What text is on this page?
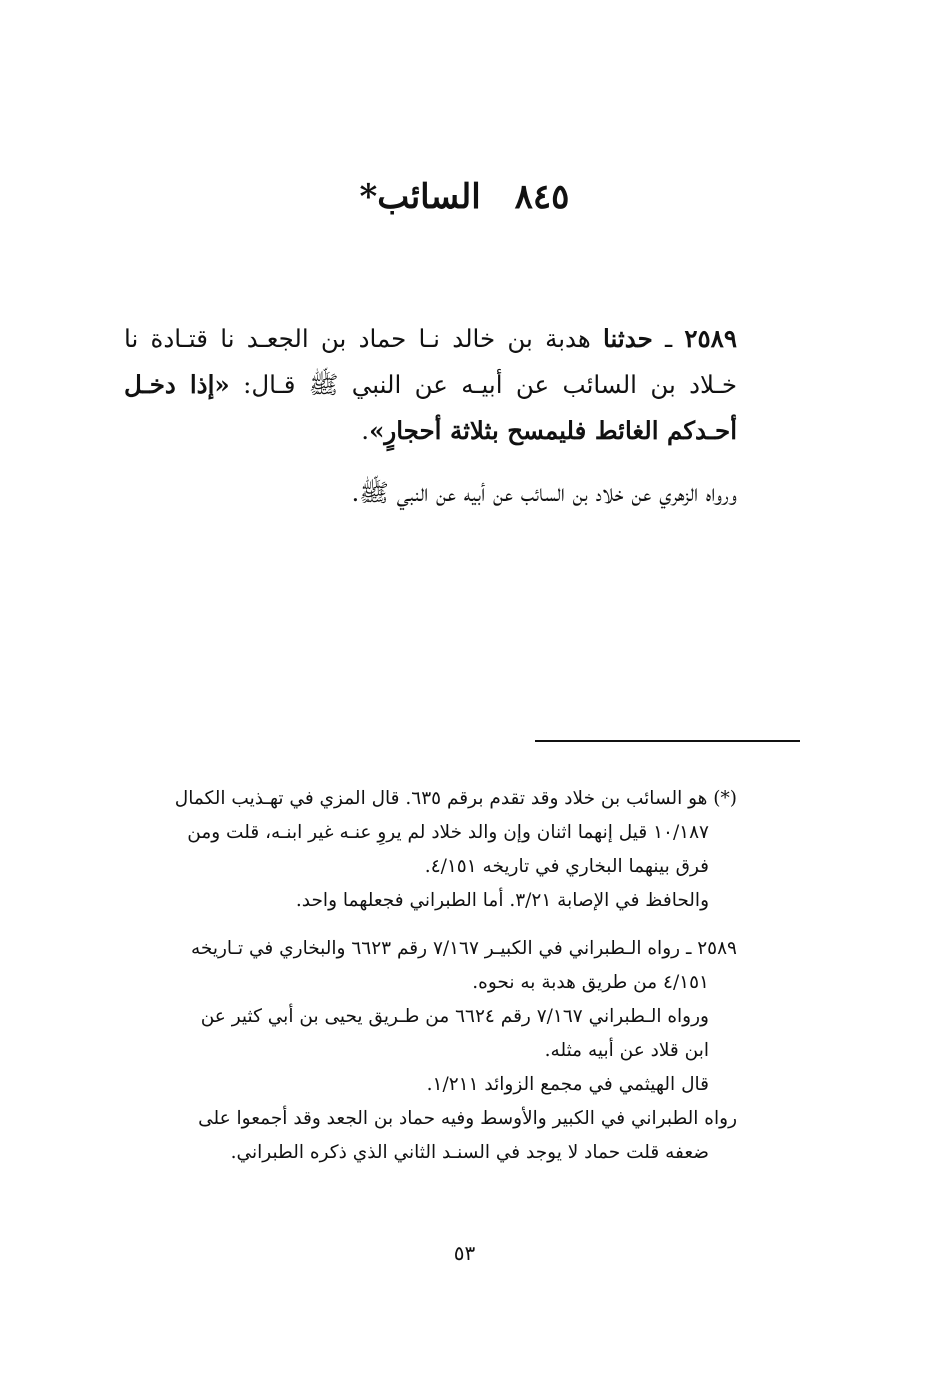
٨٤٥السائب*
٢٥٨٩ ـ حدثنا هدبة بن خالد نـا حماد بن الجعـد نا قتـادة نا خـلاد بن السائب عن أبيـه عن النبي ﷺ قـال: «إذا دخـل أحـدكم الغائط فليمسح بثلاثة أحجارٍ».
ورواه الزهري عن خلاد بن السائب عن أبيه عن النبي ﷺ.
(*) هو السائب بن خلاد وقد تقدم برقم ٦٣٥. قال المزي في تهـذيب الكمال
١٠/١٨٧ قيل إنهما اثنان وإن والد خلاد لم يروِ عنـه غير ابنـه، قلت ومن
فرق بينهما البخاري في تاريخه ٤/١٥١.
والحافظ في الإصابة ٣/٢١. أما الطبراني فجعلهما واحد.
٢٥٨٩ ـ رواه الـطبراني في الكبيـر ٧/١٦٧ رقم ٦٦٢٣ والبخاري في تـاريخه
٤/١٥١ من طريق هدبة به نحوه.
ورواه الـطبراني ٧/١٦٧ رقم ٦٦٢٤ من طـريق يحيى بن أبي كثير عن
ابن قلاد عن أبيه مثله.
قال الهيثمي في مجمع الزوائد ١/٢١١.
رواه الطبراني في الكبير والأوسط وفيه حماد بن الجعد وقد أجمعوا على
ضعفه قلت حماد لا يوجد في السنـد الثاني الذي ذكره الطبراني.
٥٣
